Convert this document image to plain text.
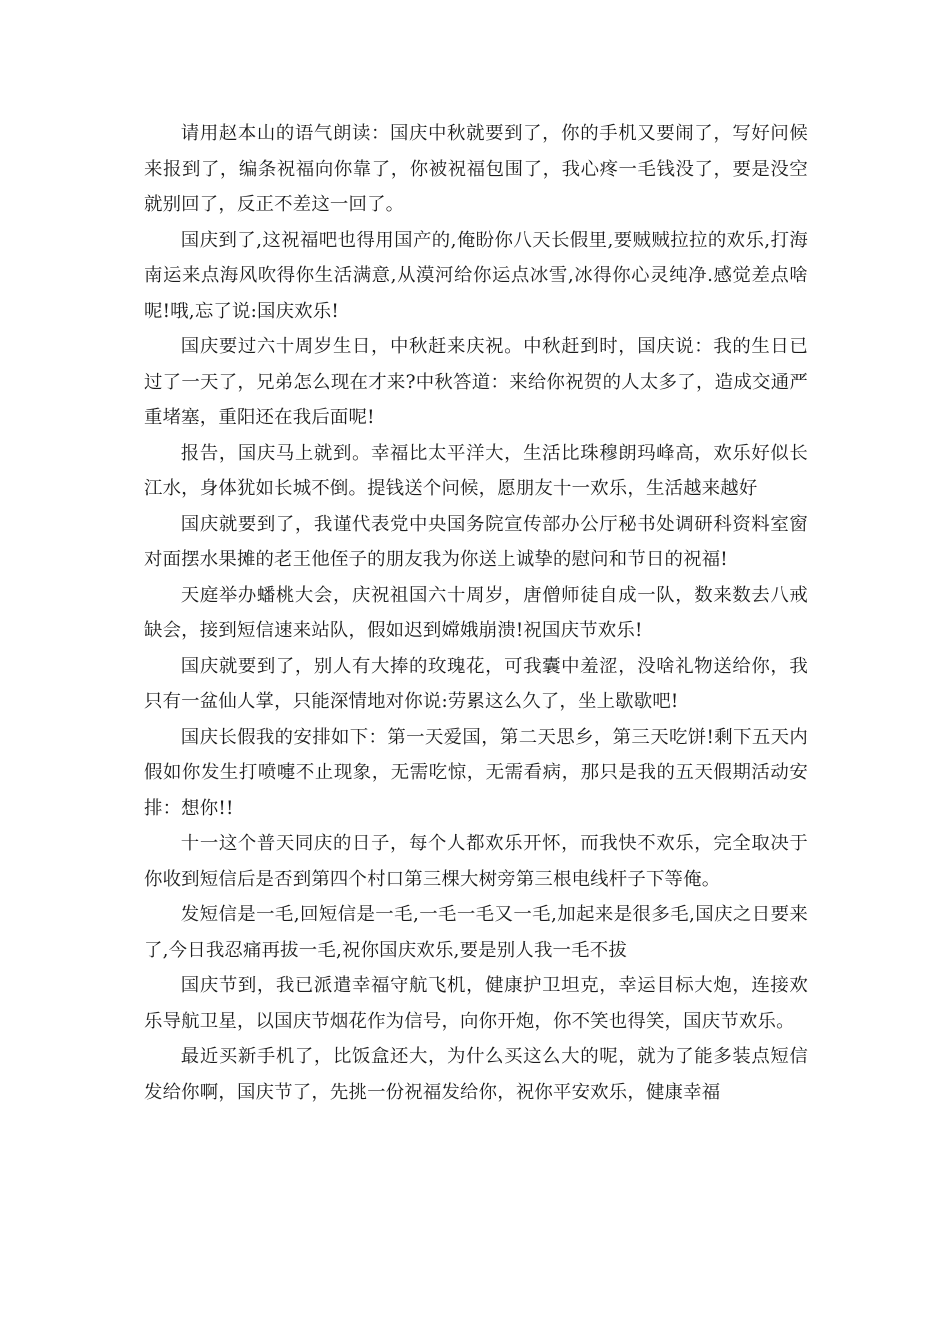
请用赵本山的语气朗读：国庆中秋就要到了，你的手机又要闹了，写好问候来报到了，编条祝福向你靠了，你被祝福包围了，我心疼一毛钱没了，要是没空就别回了，反正不差这一回了。

国庆到了,这祝福吧也得用国产的,俺盼你八天长假里,要贼贼拉拉的欢乐,打海南运来点海风吹得你生活满意,从漠河给你运点冰雪,冰得你心灵纯净.感觉差点啥呢!哦,忘了说:国庆欢乐!

国庆要过六十周岁生日，中秋赶来庆祝。中秋赶到时，国庆说：我的生日已过了一天了，兄弟怎么现在才来?中秋答道：来给你祝贺的人太多了，造成交通严重堵塞，重阳还在我后面呢!

报告，国庆马上就到。幸福比太平洋大，生活比珠穆朗玛峰高，欢乐好似长江水，身体犹如长城不倒。提钱送个问候，愿朋友十一欢乐，生活越来越好

国庆就要到了，我谨代表党中央国务院宣传部办公厅秘书处调研科资料室窗对面摆水果摊的老王他侄子的朋友我为你送上诚挚的慰问和节日的祝福!

天庭举办蟠桃大会，庆祝祖国六十周岁，唐僧师徒自成一队，数来数去八戒缺会，接到短信速来站队，假如迟到嫦娥崩溃!祝国庆节欢乐!

国庆就要到了，别人有大捧的玫瑰花，可我囊中羞涩，没啥礼物送给你，我只有一盆仙人掌，只能深情地对你说:劳累这么久了，坐上歇歇吧!

国庆长假我的安排如下：第一天爱国，第二天思乡，第三天吃饼!剩下五天内假如你发生打喷嚏不止现象，无需吃惊，无需看病，那只是我的五天假期活动安排：想你!!

十一这个普天同庆的日子，每个人都欢乐开怀，而我快不欢乐，完全取决于你收到短信后是否到第四个村口第三棵大树旁第三根电线杆子下等俺。

发短信是一毛,回短信是一毛,一毛一毛又一毛,加起来是很多毛,国庆之日要来了,今日我忍痛再拔一毛,祝你国庆欢乐,要是别人我一毛不拔

国庆节到，我已派遣幸福守航飞机，健康护卫坦克，幸运目标大炮，连接欢乐导航卫星，以国庆节烟花作为信号，向你开炮，你不笑也得笑，国庆节欢乐。

最近买新手机了，比饭盒还大，为什么买这么大的呢，就为了能多装点短信发给你啊，国庆节了，先挑一份祝福发给你，祝你平安欢乐，健康幸福
